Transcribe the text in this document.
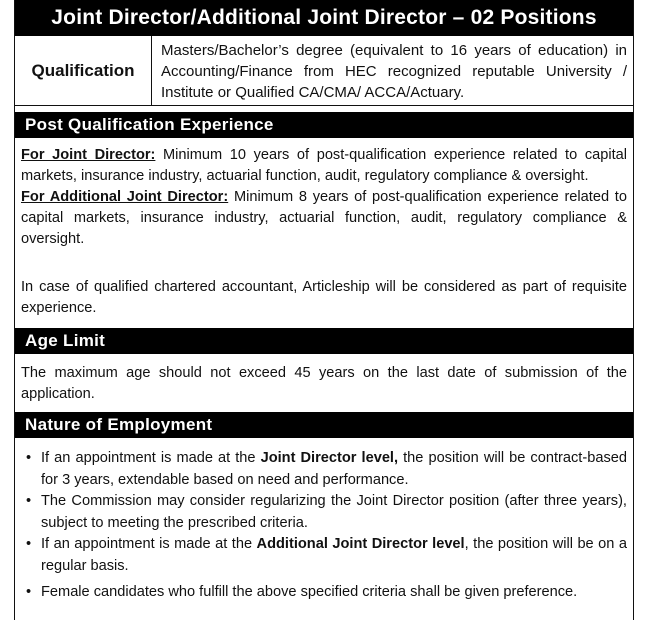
Joint Director/Additional Joint Director – 02 Positions
Qualification
Masters/Bachelor’s degree (equivalent to 16 years of education) in Accounting/Finance from HEC recognized reputable University / Institute or Qualified CA/CMA/ ACCA/Actuary.
Post Qualification Experience

For Joint Director: Minimum 10 years of post-qualification experience related to capital markets, insurance industry, actuarial function, audit, regulatory compliance & oversight.

For Additional Joint Director: Minimum 8 years of post-qualification experience related to capital markets, insurance industry, actuarial function, audit, regulatory compliance & oversight.

In case of qualified chartered accountant, Articleship will be considered as part of requisite experience.
Age Limit
The maximum age should not exceed 45 years on the last date of submission of the application.
Nature of Employment
• If an appointment is made at the Joint Director level, the position will be contract-based for 3 years, extendable based on need and performance.
• The Commission may consider regularizing the Joint Director position (after three years), subject to meeting the prescribed criteria.
• If an appointment is made at the Additional Joint Director level, the position will be on a regular basis.
• Female candidates who fulfill the above specified criteria shall be given preference.
